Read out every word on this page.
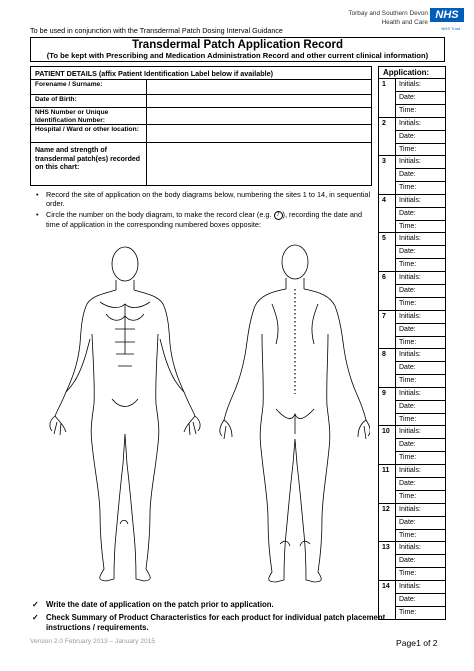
To be used in conjunction with the Transdermal Patch Dosing Interval Guidance
Torbay and Southern Devon
Health and Care
NHS
NHS Trust
Transdermal Patch Application Record
(To be kept with Prescribing and Medication Administration Record and other current clinical information)
PATIENT DETAILS (affix Patient Identification Label below if available)
Forename / Surname:
Date of Birth:
NHS Number or Unique Identification Number:
Hospital / Ward or other location:
Name and strength of transdermal patch(es) recorded on this chart:
• Record the site of application on the body diagrams below, numbering the sites 1 to 14, in sequential order.
• Circle the number on the body diagram, to make the record clear (e.g. 7 ), recording the date and time of application in the corresponding numbered boxes opposite:
✓ Write the date of application on the patch prior to application.
✓ Check Summary of Product Characteristics for each product for individual patch placement instructions / requirements.
Version 2.0 February 2013 – January 2015	Page1 of 2
Application:
1	Initials:
Date:
Time:
2	Initials:
Date:
Time:
3	Initials:
Date:
Time:
4	Initials:
Date:
Time:
5	Initials:
Date:
Time:
6	Initials:
Date:
Time:
7	Initials:
Date:
Time:
8	Initials:
Date:
Time:
9	Initials:
Date:
Time:
10	Initials:
Date:
Time:
11	Initials:
Date:
Time:
12	Initials:
Date:
Time:
13	Initials:
Date:
Time:
14	Initials:
Date:
Time:
